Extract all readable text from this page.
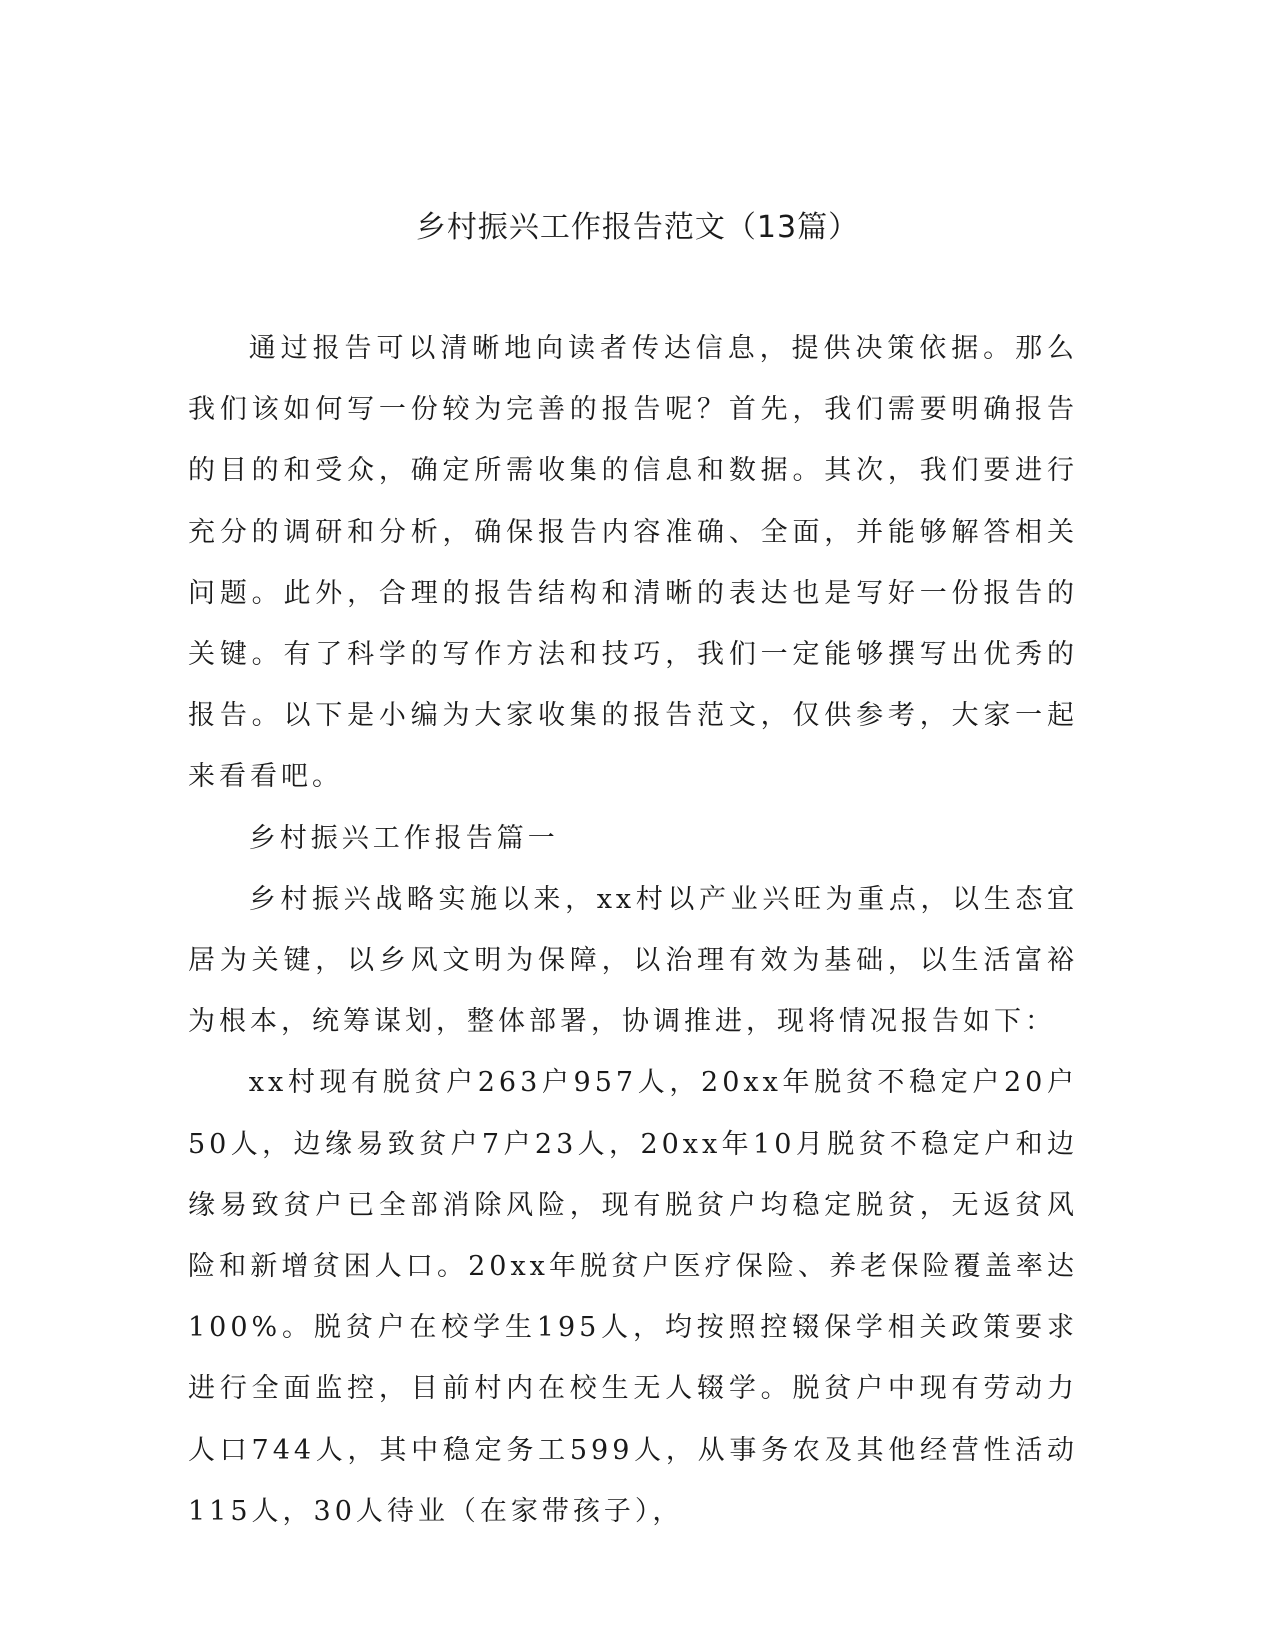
乡村振兴工作报告范文（13篇）

通过报告可以清晰地向读者传达信息，提供决策依据。那么我们该如何写一份较为完善的报告呢？首先，我们需要明确报告的目的和受众，确定所需收集的信息和数据。其次，我们要进行充分的调研和分析，确保报告内容准确、全面，并能够解答相关问题。此外，合理的报告结构和清晰的表达也是写好一份报告的关键。有了科学的写作方法和技巧，我们一定能够撰写出优秀的报告。以下是小编为大家收集的报告范文，仅供参考，大家一起来看看吧。

乡村振兴工作报告篇一

乡村振兴战略实施以来，xx村以产业兴旺为重点，以生态宜居为关键，以乡风文明为保障，以治理有效为基础，以生活富裕为根本，统筹谋划，整体部署，协调推进，现将情况报告如下：

xx村现有脱贫户263户957人，20xx年脱贫不稳定户20户50人，边缘易致贫户7户23人，20xx年10月脱贫不稳定户和边缘易致贫户已全部消除风险，现有脱贫户均稳定脱贫，无返贫风险和新增贫困人口。20xx年脱贫户医疗保险、养老保险覆盖率达100%。脱贫户在校学生195人，均按照控辍保学相关政策要求进行全面监控，目前村内在校生无人辍学。脱贫户中现有劳动力人口744人，其中稳定务工599人，从事务农及其他经营性活动115人，30人待业（在家带孩子），
